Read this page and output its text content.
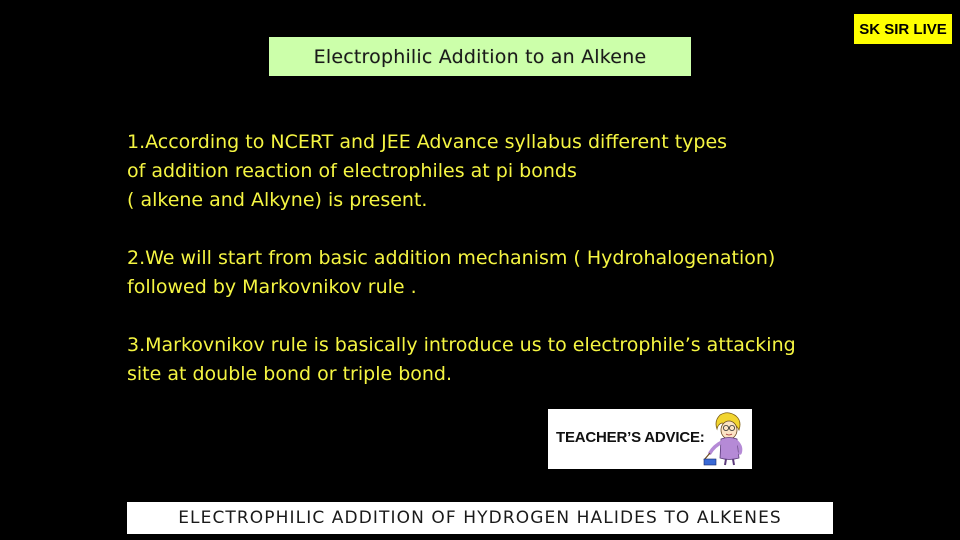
Electrophilic Addition to an Alkene
SK SIR LIVE

1.According to NCERT and JEE Advance syllabus different types
of addition reaction of electrophiles at pi bonds
( alkene and Alkyne) is present.

2.We will start from basic addition mechanism ( Hydrohalogenation)
followed by Markovnikov rule .

3.Markovnikov rule is basically introduce us to electrophile’s attacking
site at double bond or triple bond.

TEACHER’S ADVICE:
ELECTROPHILIC ADDITION OF HYDROGEN HALIDES TO ALKENES
